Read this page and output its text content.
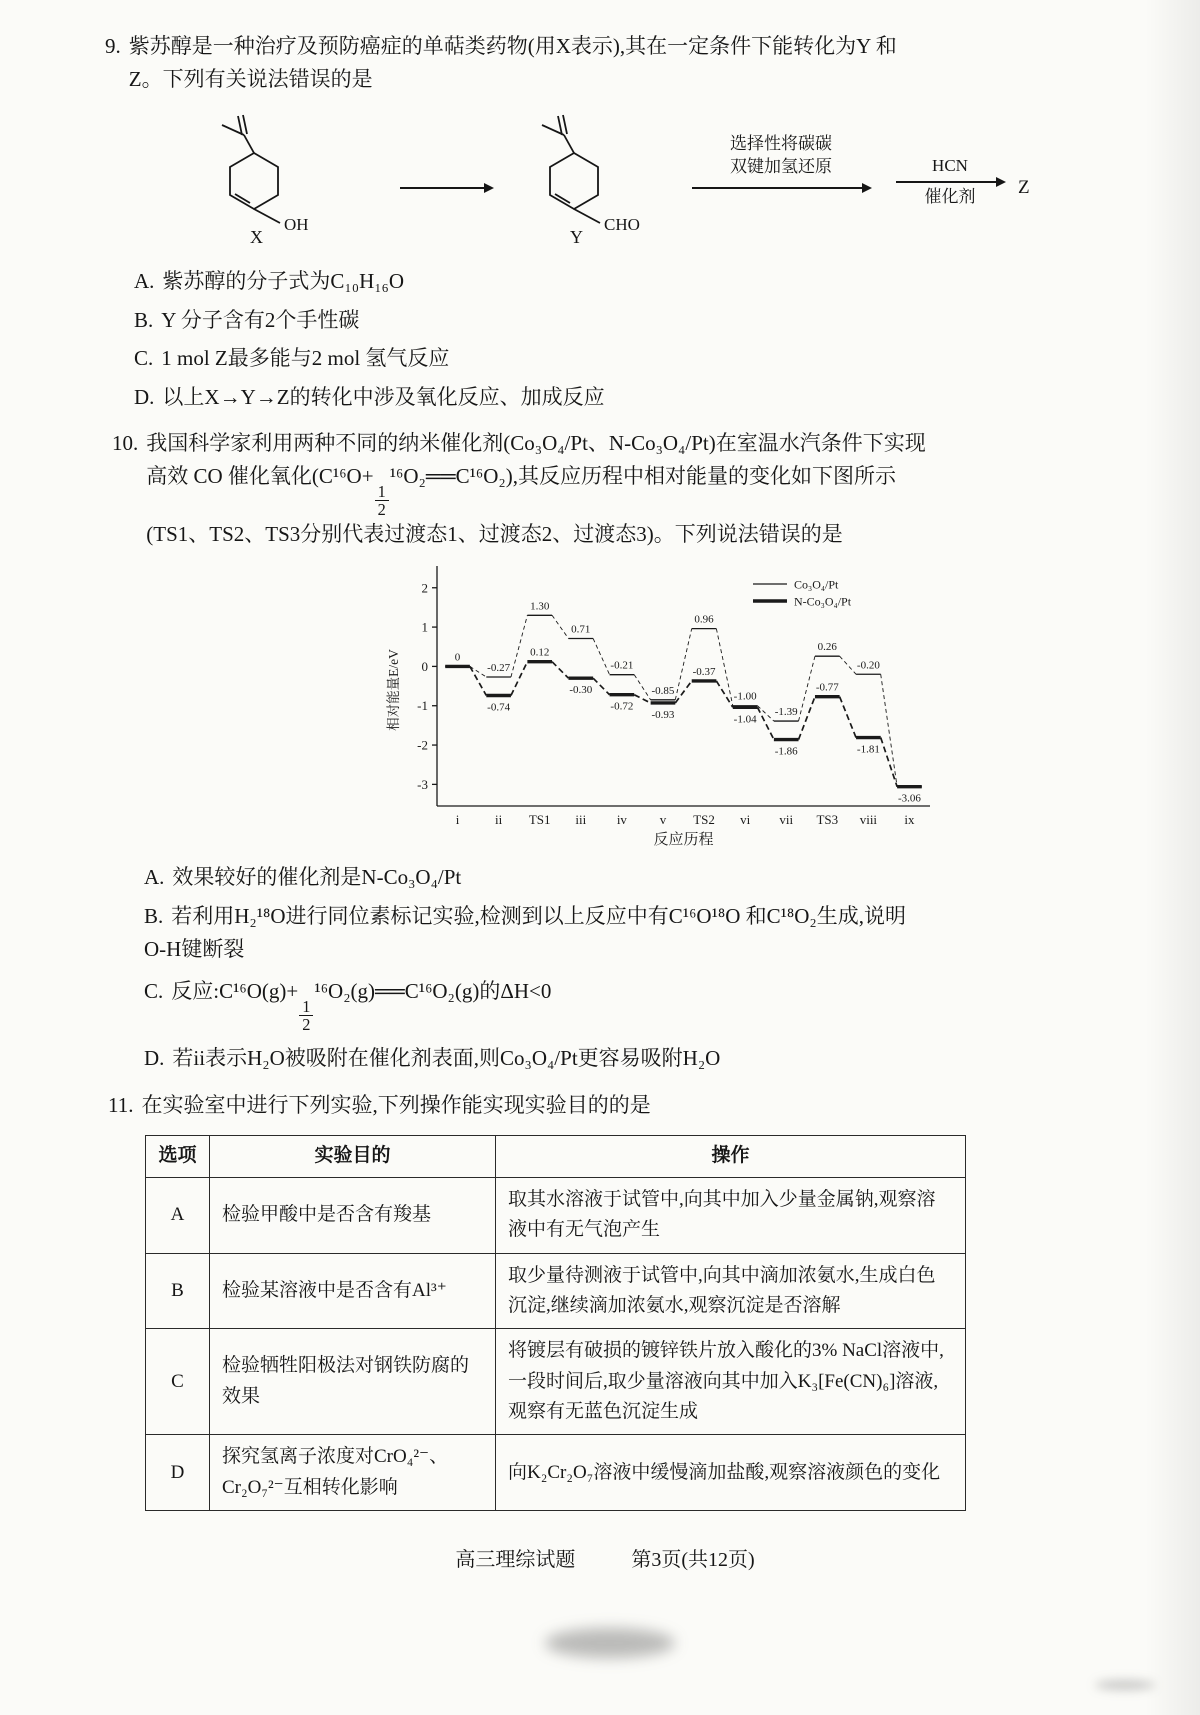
9. 紫苏醇是一种治疗及预防癌症的单萜类药物(用X表示),其在一定条件下能转化为Y 和
Z。下列有关说法错误的是
OH
X
CHO
Y
选择性将碳碳
双键加氢还原	HCN
催化剂	Z
A. 紫苏醇的分子式为C₁₀H₁₆O
B. Y 分子含有2个手性碳
C. 1 mol Z最多能与2 mol 氢气反应
D. 以上X→Y→Z的转化中涉及氧化反应、加成反应
10. 我国科学家利用两种不同的纳米催化剂(Co₃O₄/Pt、N-Co₃O₄/Pt)在室温水汽条件下实现
高效 CO 催化氧化(C¹⁶O+
$\frac{1}{2}$
¹⁶O₂══C¹⁶O₂),其反应历程中相对能量的变化如下图所示
(TS1、TS2、TS3分别代表过渡态1、过渡态2、过渡态3)。下列说法错误的是
2
1
0
-1
-2
-3
i	ii TS1 iii iv	v TS2 vi vii TS3 viii ix
反应历程
相对能量E/eV	0
-0.27
1.30
0.71
-0.21
-0.85
0.96
-1.00
-1.39
0.26
-0.20
-3.06
-0.74
0.12
-0.30
-0.72
-0.93
-0.37
-1.04
-1.86
-0.77
-1.81
Co₃O₄/Pt
N-Co₃O₄/Pt
A. 效果较好的催化剂是N-Co₃O₄/Pt
B. 若利用H₂¹⁸O进行同位素标记实验,检测到以上反应中有C¹⁶O¹⁸O 和C¹⁸O₂生成,说明
O-H键断裂
C. 反应:C¹⁶O(g)+
$\frac{1}{2}$
¹⁶O₂(g)══C¹⁶O₂(g)的ΔH<0
D. 若ii表示H₂O被吸附在催化剂表面,则Co₃O₄/Pt更容易吸附H₂O
11. 在实验室中进行下列实验,下列操作能实现实验目的的是
选项	实验目的	操作
A	检验甲酸中是否含有羧基	取其水溶液于试管中,向其中加入少量金属钠,观察溶液中有无气泡产生
B	检验某溶液中是否含有Al³⁺	取少量待测液于试管中,向其中滴加浓氨水,生成白色沉淀,继续滴加浓氨水,观察沉淀是否溶解
C	检验牺牲阳极法对钢铁防腐的效果	将镀层有破损的镀锌铁片放入酸化的3% NaCl溶液中,一段时间后,取少量溶液向其中加入K₃[Fe(CN)₆]溶液,观察有无蓝色沉淀生成
D	探究氢离子浓度对CrO₄²⁻、Cr₂O₇²⁻互相转化影响	向K₂Cr₂O₇溶液中缓慢滴加盐酸,观察溶液颜色的变化
高三理综试题	第3页(共12页)
